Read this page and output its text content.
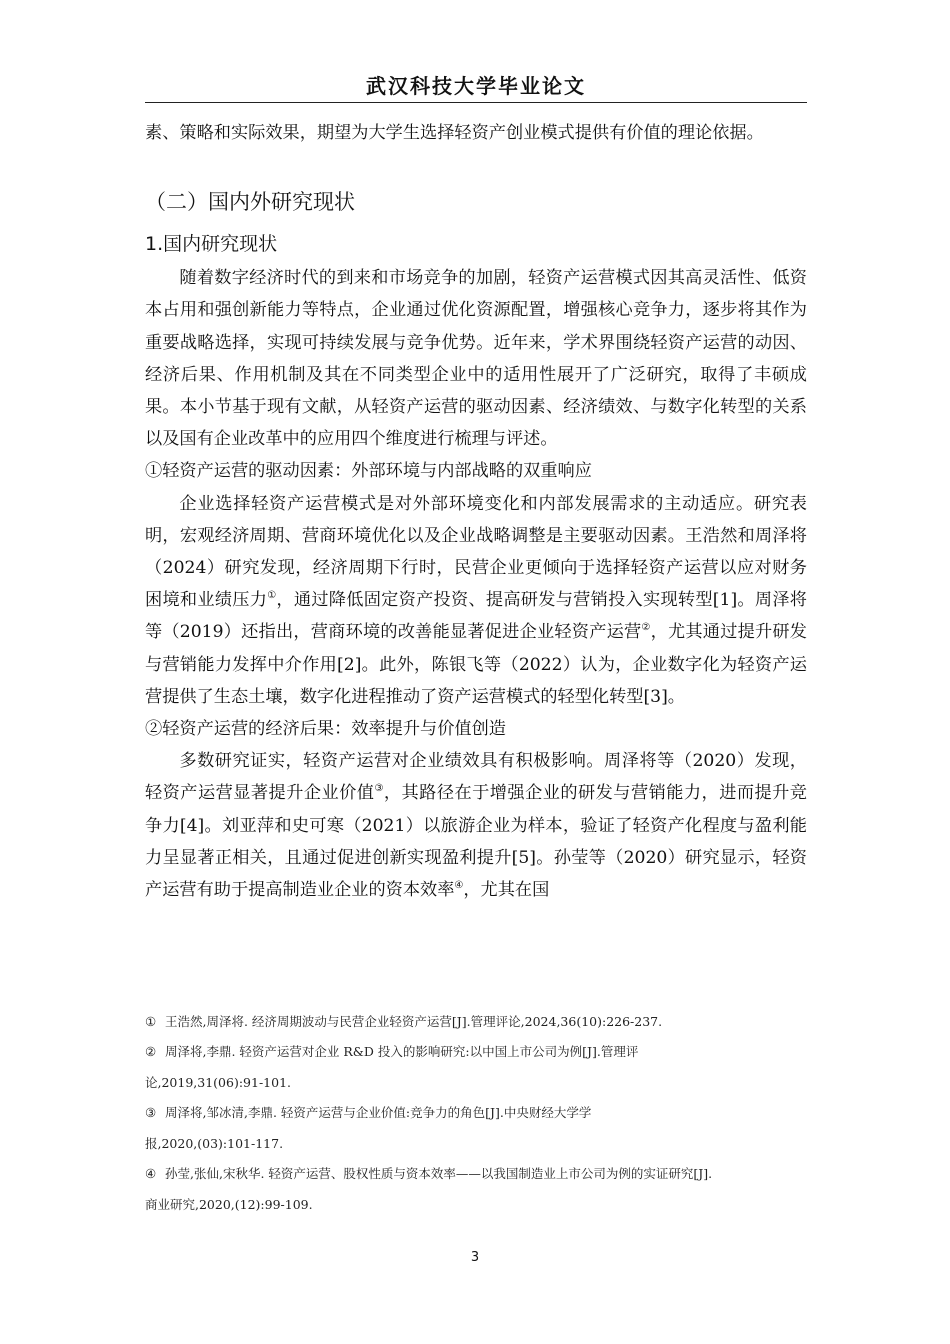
武汉科技大学毕业论文

素、策略和实际效果，期望为大学生选择轻资产创业模式提供有价值的理论依据。

（二）国内外研究现状
1.国内研究现状

随着数字经济时代的到来和市场竞争的加剧，轻资产运营模式因其高灵活性、低资本占用和强创新能力等特点，企业通过优化资源配置，增强核心竞争力，逐步将其作为重要战略选择，实现可持续发展与竞争优势。近年来，学术界围绕轻资产运营的动因、经济后果、作用机制及其在不同类型企业中的适用性展开了广泛研究，取得了丰硕成果。本小节基于现有文献，从轻资产运营的驱动因素、经济绩效、与数字化转型的关系以及国有企业改革中的应用四个维度进行梳理与评述。

①轻资产运营的驱动因素：外部环境与内部战略的双重响应

企业选择轻资产运营模式是对外部环境变化和内部发展需求的主动适应。研究表明，宏观经济周期、营商环境优化以及企业战略调整是主要驱动因素。王浩然和周泽将（2024）研究发现，经济周期下行时，民营企业更倾向于选择轻资产运营以应对财务困境和业绩压力①，通过降低固定资产投资、提高研发与营销投入实现转型[1]。周泽将等（2019）还指出，营商环境的改善能显著促进企业轻资产运营②，尤其通过提升研发与营销能力发挥中介作用[2]。此外，陈银飞等（2022）认为，企业数字化为轻资产运营提供了生态土壤，数字化进程推动了资产运营模式的轻型化转型[3]。

②轻资产运营的经济后果：效率提升与价值创造

多数研究证实，轻资产运营对企业绩效具有积极影响。周泽将等（2020）发现，轻资产运营显著提升企业价值③，其路径在于增强企业的研发与营销能力，进而提升竞争力[4]。刘亚萍和史可寒（2021）以旅游企业为样本，验证了轻资产化程度与盈利能力呈显著正相关，且通过促进创新实现盈利提升[5]。孙莹等（2020）研究显示，轻资产运营有助于提高制造业企业的资本效率④，尤其在国

① 王浩然,周泽将. 经济周期波动与民营企业轻资产运营[J].管理评论,2024,36(10):226-237.

② 周泽将,李鼎. 轻资产运营对企业 R&D 投入的影响研究:以中国上市公司为例[J].管理评

论,2019,31(06):91-101.

③ 周泽将,邹冰清,李鼎. 轻资产运营与企业价值:竞争力的角色[J].中央财经大学学

报,2020,(03):101-117.

④ 孙莹,张仙,宋秋华. 轻资产运营、股权性质与资本效率——以我国制造业上市公司为例的实证研究[J].

商业研究,2020,(12):99-109.

3
